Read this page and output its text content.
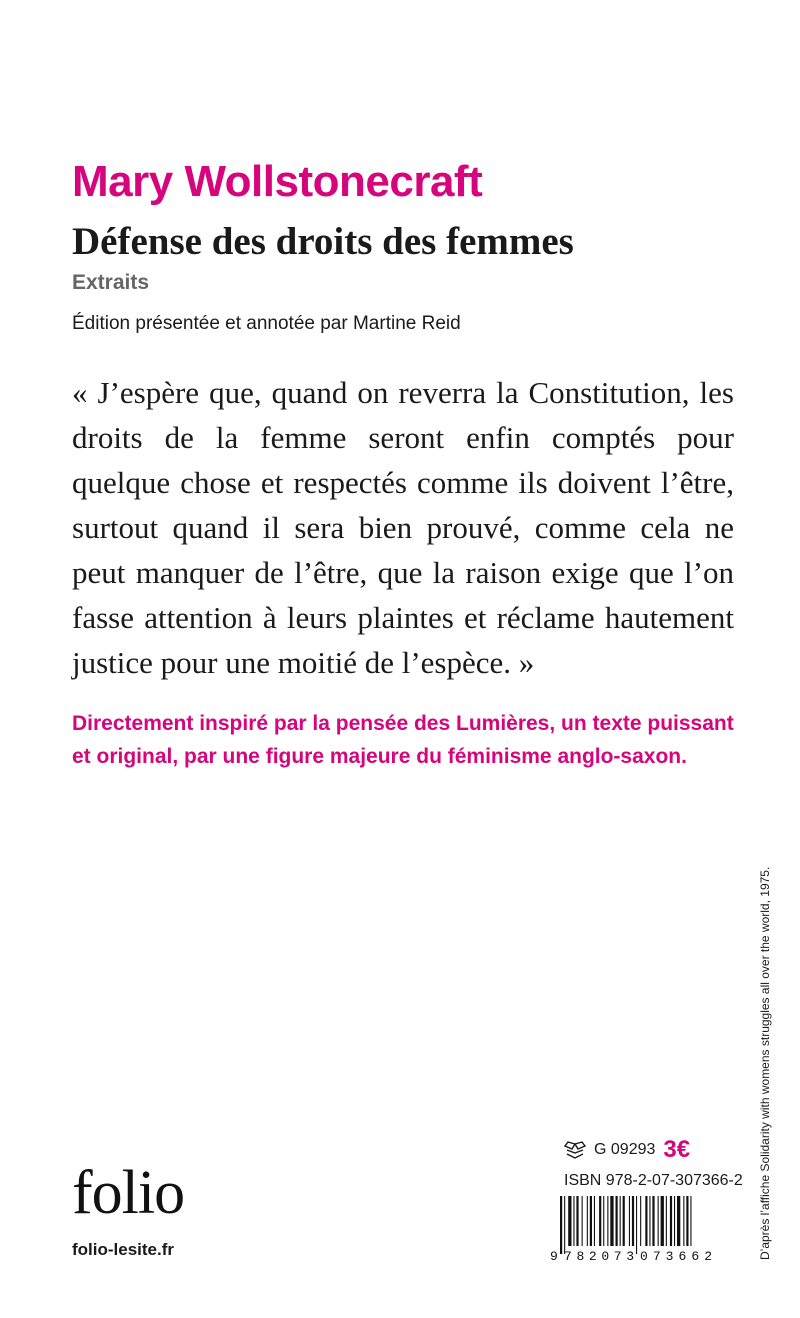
Mary Wollstonecraft
Défense des droits des femmes
Extraits
Édition présentée et annotée par Martine Reid

« J’espère que, quand on reverra la Constitution, les droits de la femme seront enfin comptés pour quelque chose et respectés comme ils doivent l’être, surtout quand il sera bien prouvé, comme cela ne peut manquer de l’être, que la raison exige que l’on fasse attention à leurs plaintes et réclame hautement justice pour une moitié de l’espèce. »

Directement inspiré par la pensée des Lumières, un texte puissant et original, par une figure majeure du féminisme anglo-saxon.

D’après l’affiche Solidarity with womens struggles all over the world, 1975.
folio
folio-lesite.fr
G 09293 3€
ISBN 978-2-07-307366-2
9 782073 073662
